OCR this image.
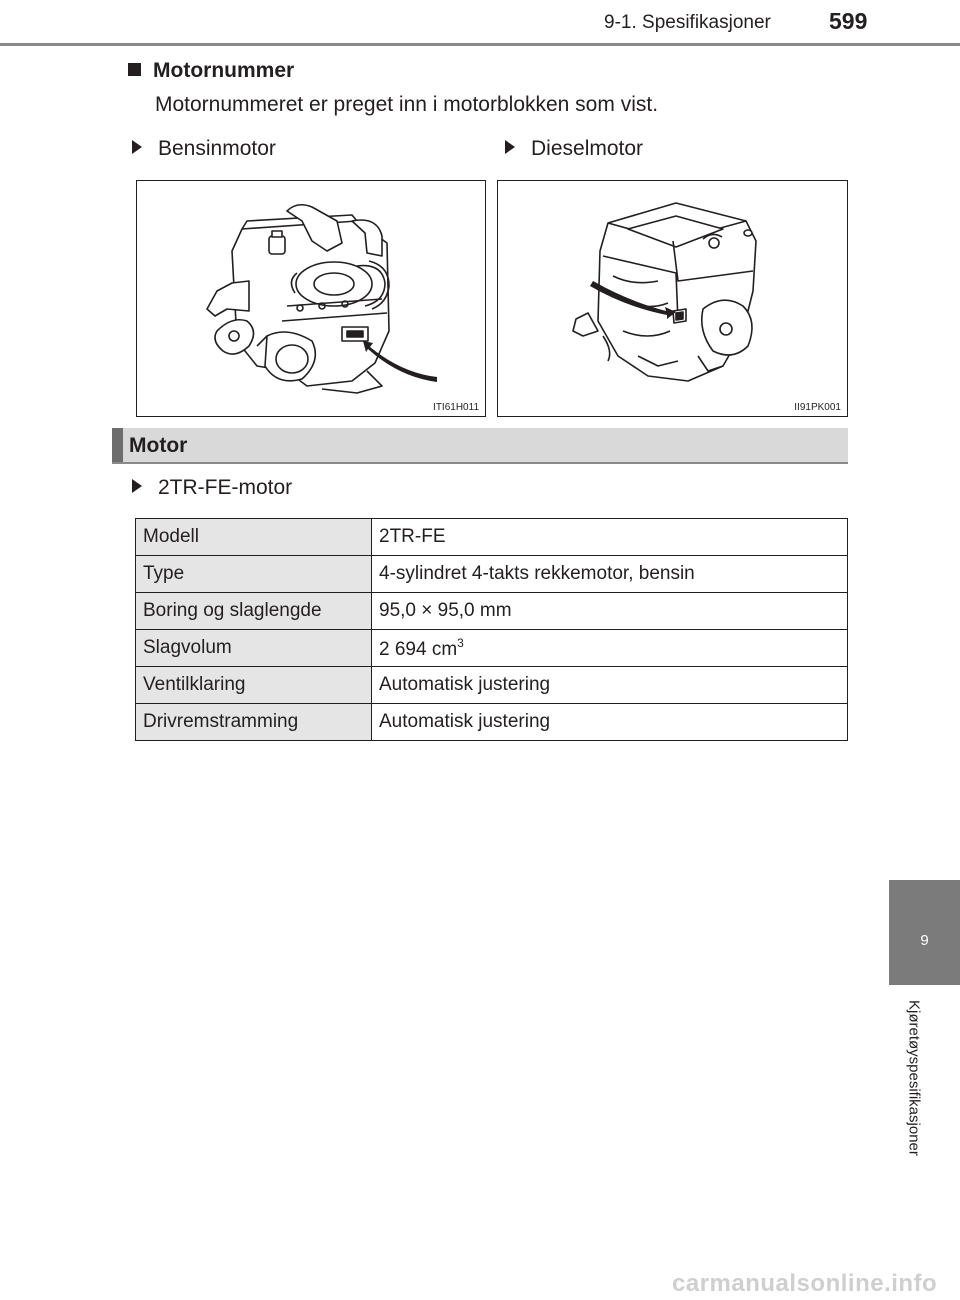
9-1. Spesifikasjoner	599
9
Kjøretøyspesifikasjoner
Motornummer
Motornummeret er preget inn i motorblokken som vist.
Bensinmotor	Dieselmotor
ITI61H011	II91PK001
Motor
2TR-FE-motor
Modell	2TR-FE
Type	4-sylindret 4-takts rekkemotor, bensin
Boring og slaglengde	95,0 × 95,0 mm
Slagvolum	2 694 $cm^3$
Ventilklaring	Automatisk justering
Drivremstramming	Automatisk justering
carmanualsonline.info
